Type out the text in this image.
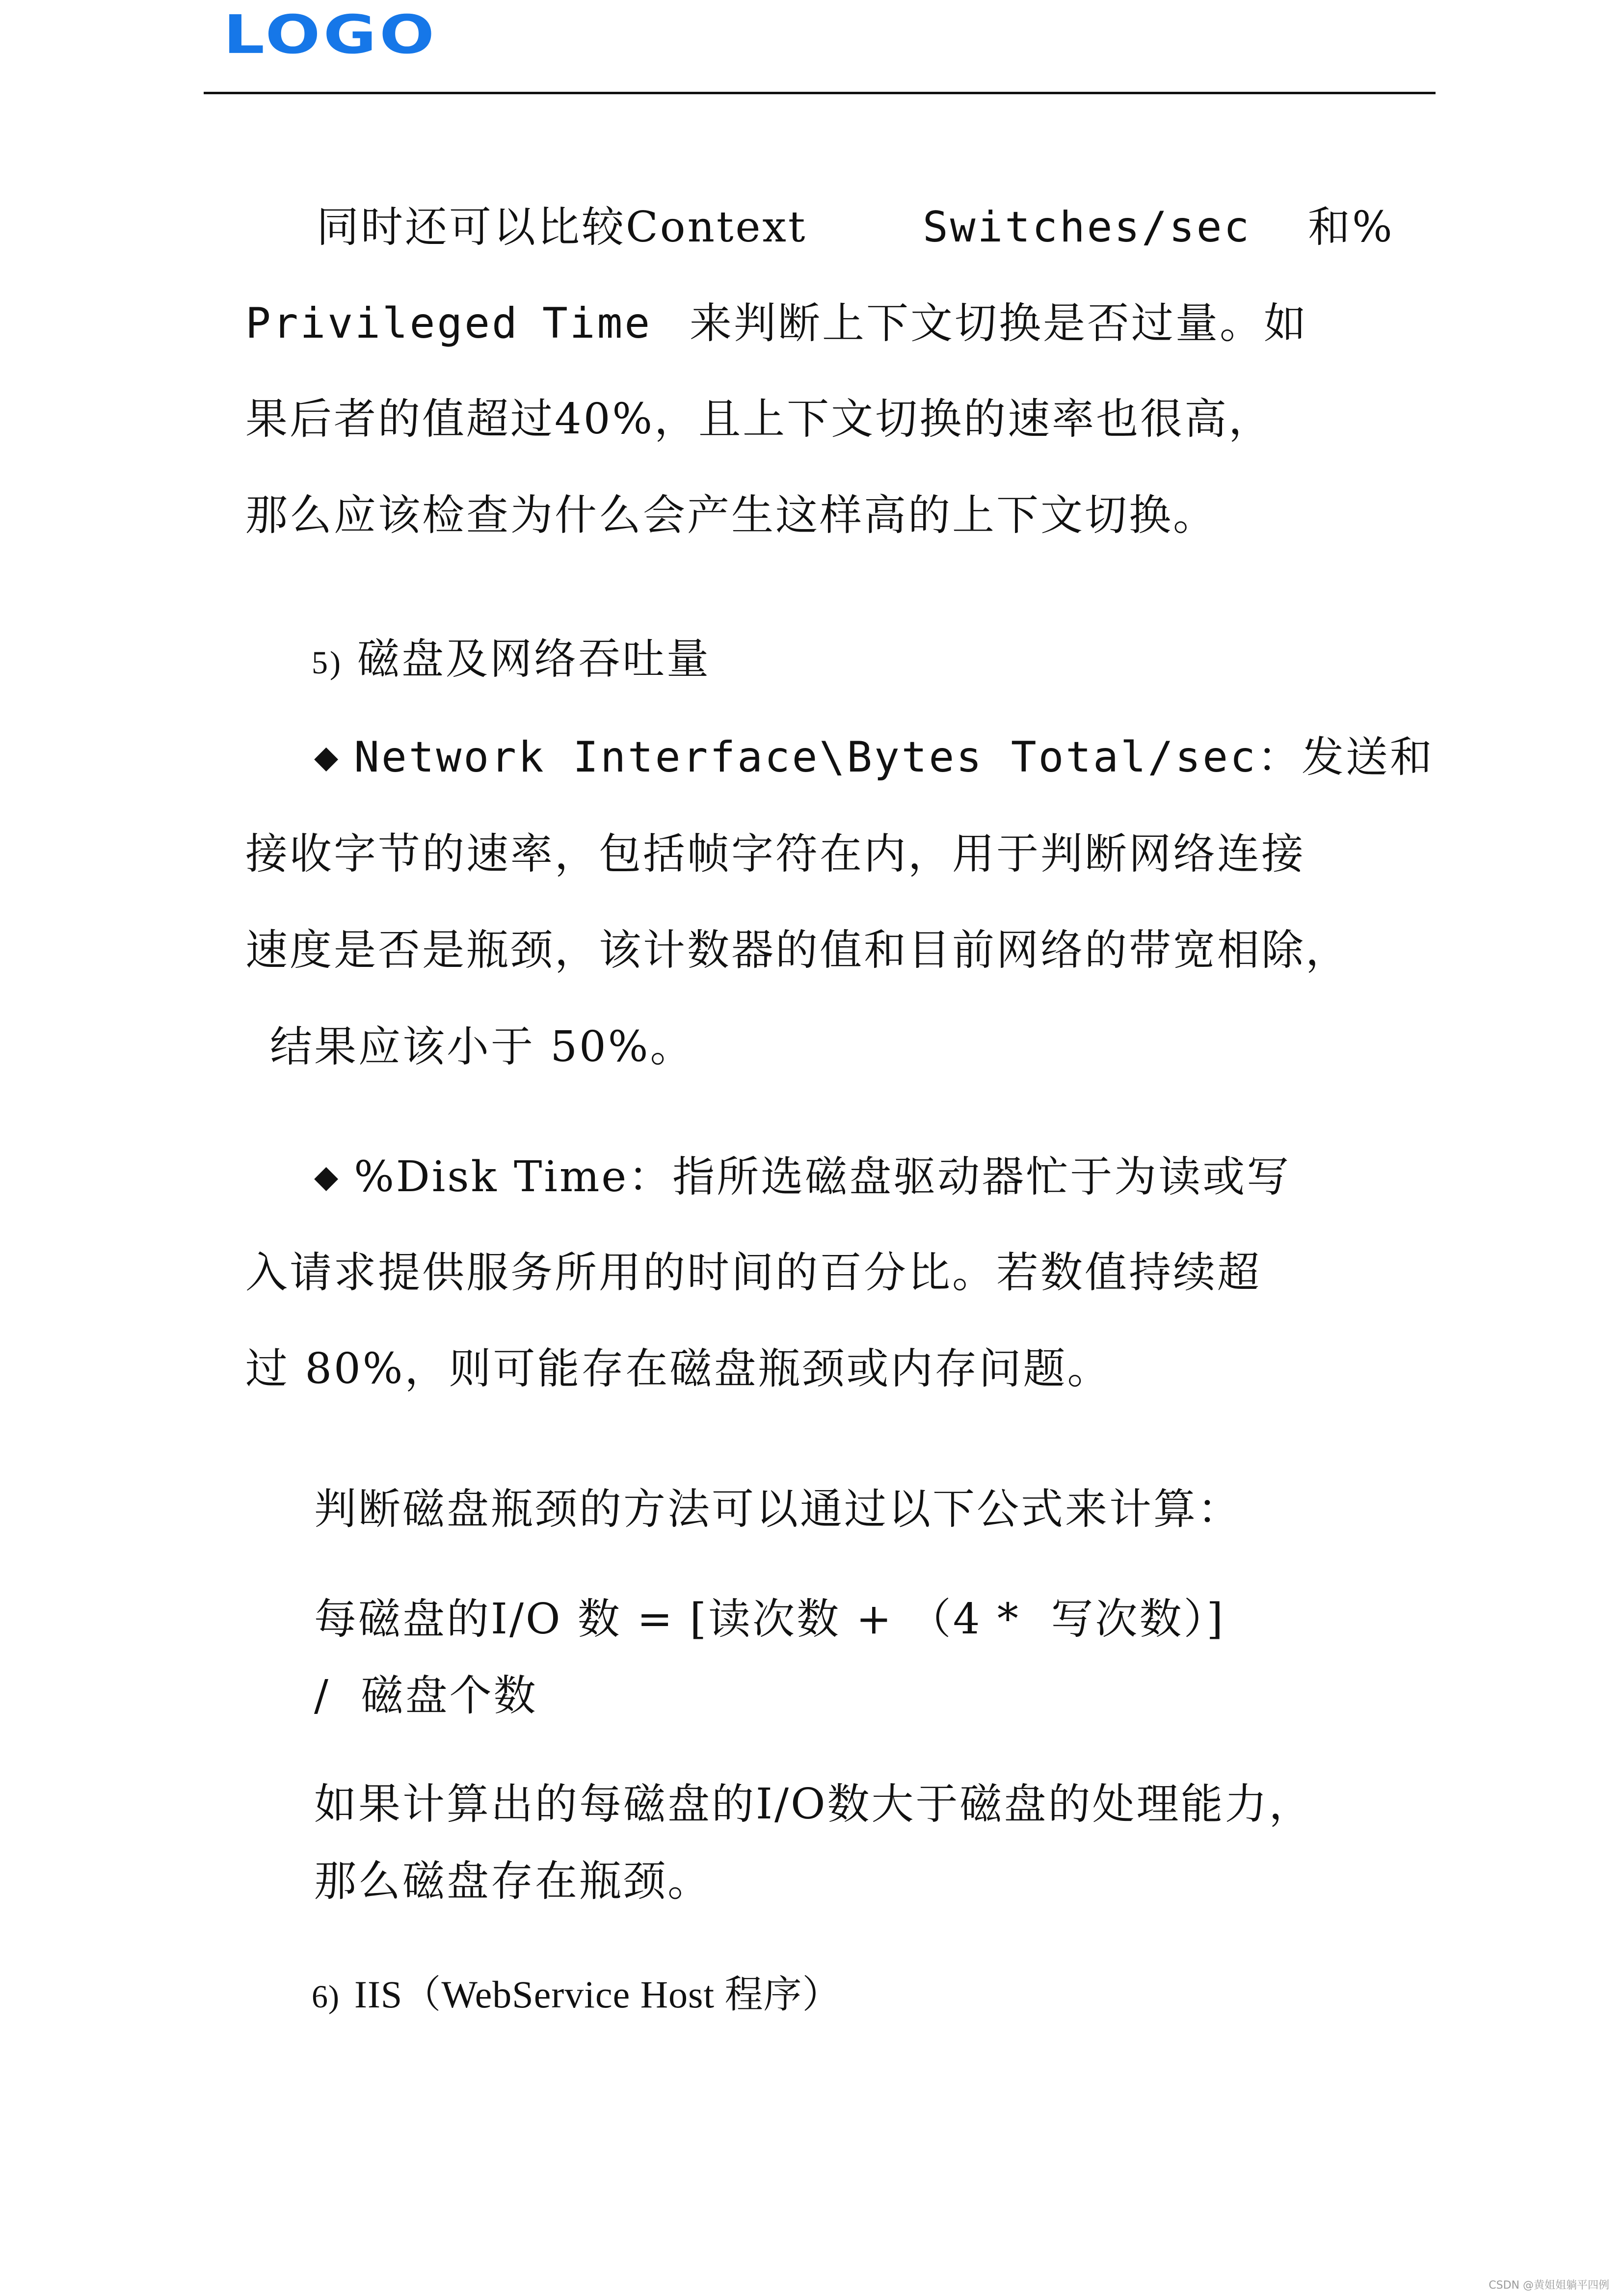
LOGO
同时还可以比较Context	Switches/sec 和%
Privileged Time 来判断上下文切换是否过量。如
果后者的值超过40%，且上下文切换的速率也很高，
那么应该检查为什么会产生这样高的上下文切换。
5) 磁盘及网络吞吐量
◆ Network Interface\Bytes Total/sec：发送和
接收字节的速率，包括帧字符在内，用于判断网络连接
速度是否是瓶颈，该计数器的值和目前网络的带宽相除，
结果应该小于 50%。
◆ %Disk Time：指所选磁盘驱动器忙于为读或写
入请求提供服务所用的时间的百分比。若数值持续超
过 80%，则可能存在磁盘瓶颈或内存问题。
判断磁盘瓶颈的方法可以通过以下公式来计算：
每磁盘的I/O 数 = [读次数 + （4 *  写次数）]
/  磁盘个数
如果计算出的每磁盘的I/O数大于磁盘的处理能力，
那么磁盘存在瓶颈。
6) IIS（WebService Host 程序）
CSDN @黄姐姐躺平四例
